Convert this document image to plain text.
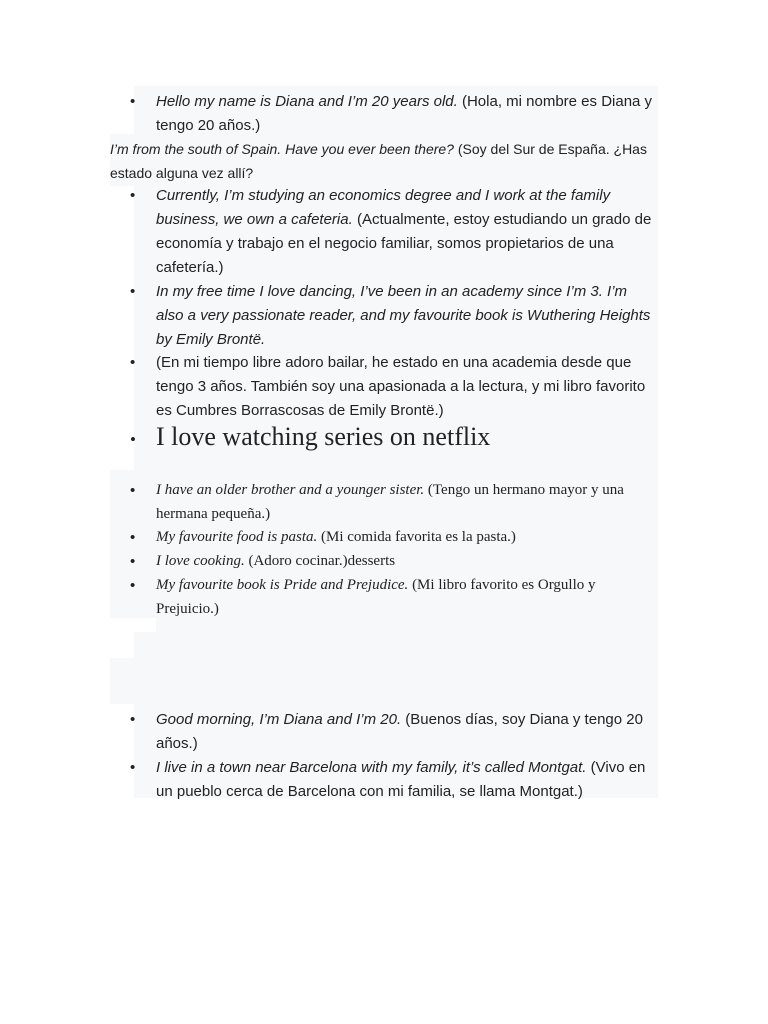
•
Hello my name is Diana and I’m 20 years old. (Hola, mi nombre es Diana y tengo 20 años.)
I’m from the south of Spain. Have you ever been there? (Soy del Sur de España. ¿Has estado alguna vez allí?
•
Currently, I’m studying an economics degree and I work at the family business, we own a cafeteria. (Actualmente, estoy estudiando un grado de economía y trabajo en el negocio familiar, somos propietarios de una cafetería.)
•
In my free time I love dancing, I’ve been in an academy since I’m 3. I’m also a very passionate reader, and my favourite book is Wuthering Heights by Emily Brontë.
•
(En mi tiempo libre adoro bailar, he estado en una academia desde que tengo 3 años. También soy una apasionada a la lectura, y mi libro favorito es Cumbres Borrascosas de Emily Brontë.)
•
I love watching series on netflix
•
I have an older brother and a younger sister. (Tengo un hermano mayor y una hermana pequeña.)
•
My favourite food is pasta. (Mi comida favorita es la pasta.)
•
I love cooking. (Adoro cocinar.)desserts
•
My favourite book is Pride and Prejudice. (Mi libro favorito es Orgullo y Prejuicio.)
•
Good morning, I’m Diana and I’m 20. (Buenos días, soy Diana y tengo 20 años.)
•
I live in a town near Barcelona with my family, it’s called Montgat. (Vivo en un pueblo cerca de Barcelona con mi familia, se llama Montgat.)
